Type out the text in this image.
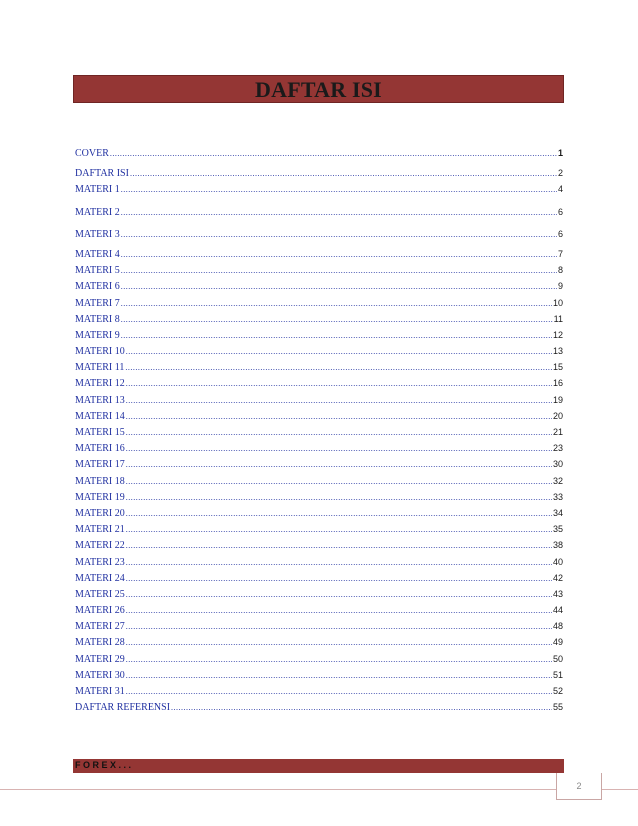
DAFTAR ISI
COVER .....	1
DAFTAR ISI .....	2
MATERI 1 .....	4
MATERI 2 .....	6
MATERI 3 .....	6
MATERI 4 .....	7
MATERI 5 .....	8
MATERI 6 .....	9
MATERI 7 .....	10
MATERI 8 .....	11
MATERI 9 .....	12
MATERI 10 .....	13
MATERI 11 .....	15
MATERI 12 .....	16
MATERI 13 .....	19
MATERI 14 .....	20
MATERI 15 .....	21
MATERI 16 .....	23
MATERI 17 .....	30
MATERI 18 .....	32
MATERI 19 .....	33
MATERI 20 .....	34
MATERI 21 .....	35
MATERI 22 .....	38
MATERI 23 .....	40
MATERI 24 .....	42
MATERI 25 .....	43
MATERI 26 .....	44
MATERI 27 .....	48
MATERI 28 .....	49
MATERI 29 .....	50
MATERI 30 .....	51
MATERI 31 .....	52
DAFTAR REFERENSI .....	55
FOREX...
2
